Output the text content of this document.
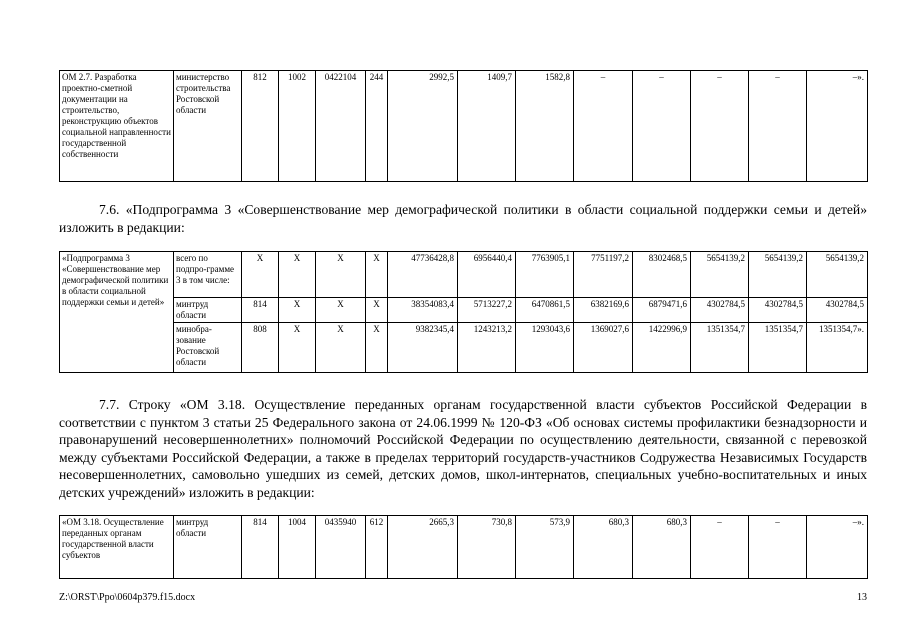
ОМ 2.7. Разработка проектно-сметной документации на строительство, реконструкцию объектов социальной направленности государственной собственности	министерство строительства Ростовской области	812	1002	0422104	244	2992,5	1409,7	1582,8	–	–	–	–	–».

7.6. «Подпрограмма 3 «Совершенствование мер демографической политики в области социальной поддержки семьи и детей» изложить в редакции:

«Подпрограмма 3 «Совершенствование мер демографической политики в области социальной поддержки семьи и детей»	всего по подпро-грамме 3 в том числе:	X	X	X	X	47736428,8	6956440,4	7763905,1	7751197,2	8302468,5	5654139,2	5654139,2	5654139,2
	минтруд области	814	X	X	X	38354083,4	5713227,2	6470861,5	6382169,6	6879471,6	4302784,5	4302784,5	4302784,5
	минобра-зование Ростовской области	808	X	X	X	9382345,4	1243213,2	1293043,6	1369027,6	1422996,9	1351354,7	1351354,7	1351354,7».

7.7. Строку «ОМ 3.18. Осуществление переданных органам государственной власти субъектов Российской Федерации в соответствии с пунктом 3 статьи 25 Федерального закона от 24.06.1999 № 120-ФЗ «Об основах системы профилактики безнадзорности и правонарушений несовершеннолетних» полномочий Российской Федерации по осуществлению деятельности, связанной с перевозкой между субъектами Российской Федерации, а также в пределах территорий государств-участников Содружества Независимых Государств несовершеннолетних, самовольно ушедших из семей, детских домов, школ-интернатов, специальных учебно-воспитательных и иных детских учреждений» изложить в редакции:

«ОМ 3.18. Осуществление переданных органам государственной власти субъектов	минтруд области	814	1004	0435940	612	2665,3	730,8	573,9	680,3	680,3	–	–	–».
Z:\ORST\Ppo\0604p379.f15.docx	13
